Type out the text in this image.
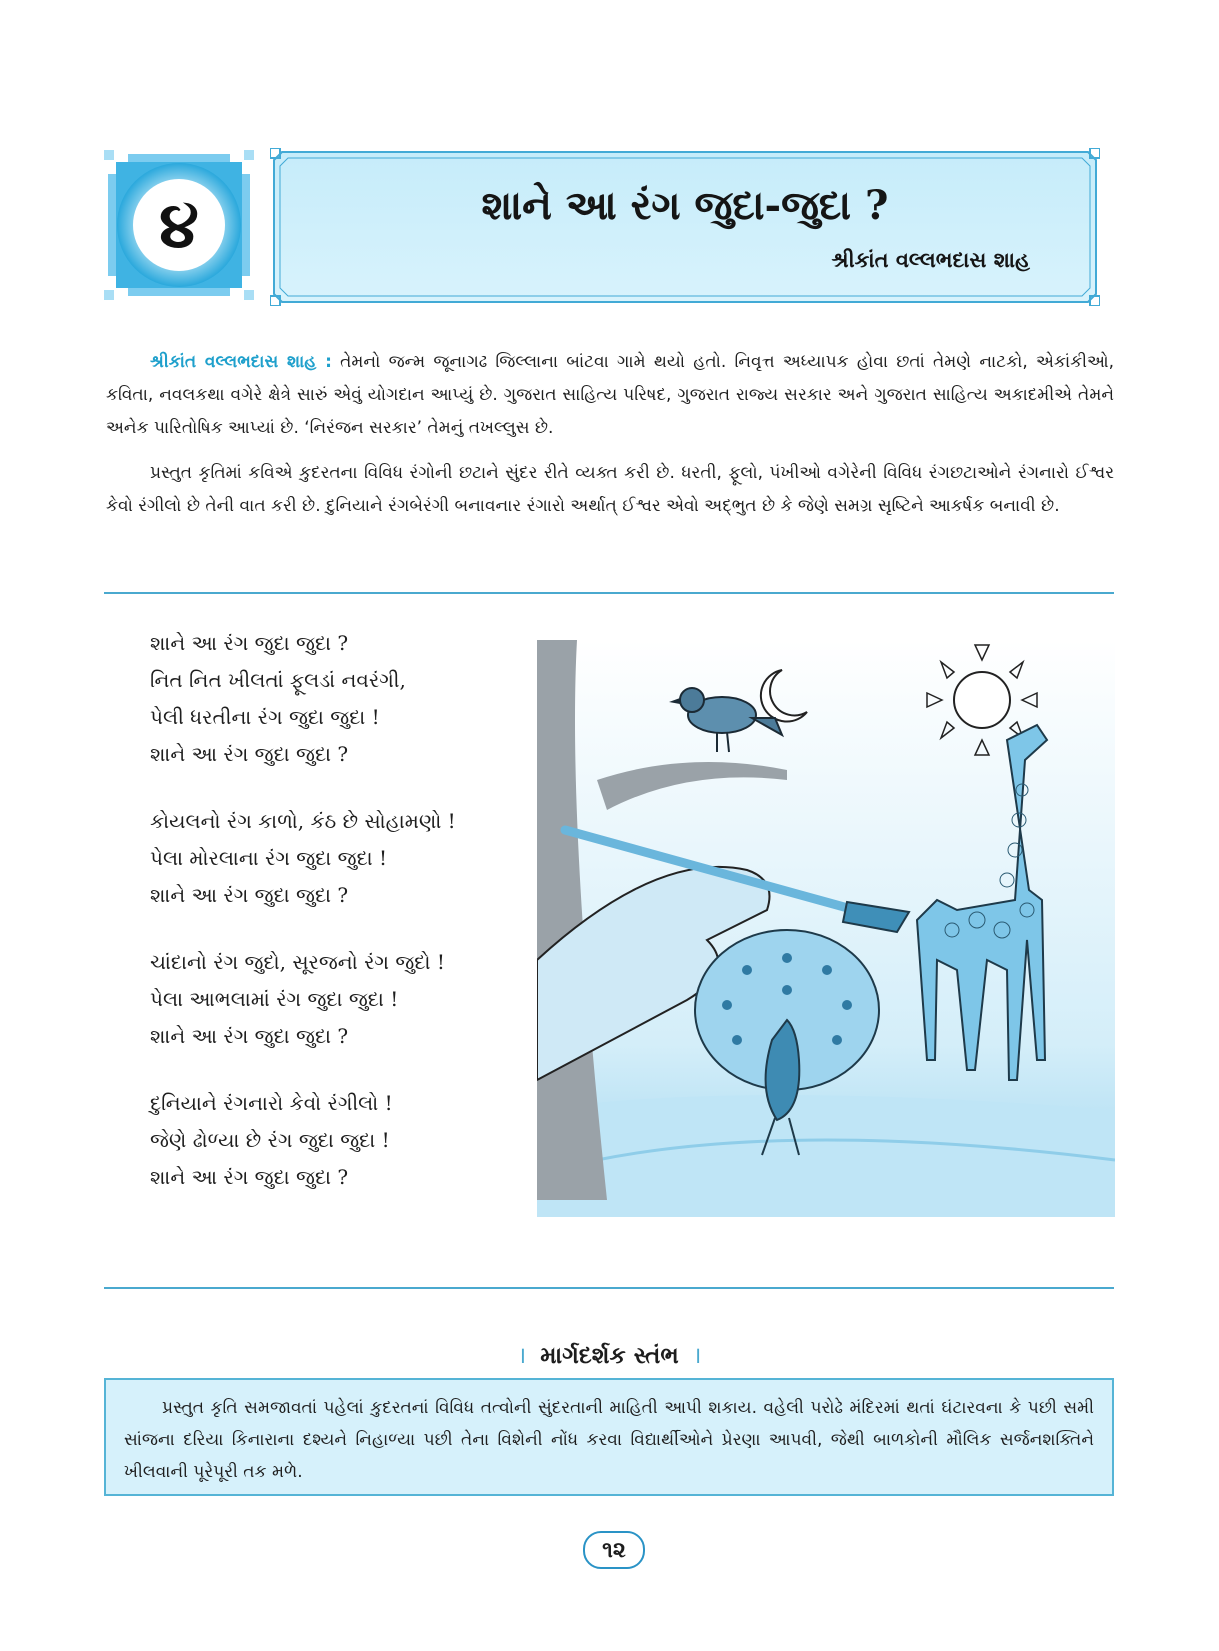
૪	શાને આ રંગ જુદા-જુદા ?
શ્રીકાંત વલ્લભદાસ શાહ

શ્રીકાંત વલ્લભદાસ શાહ : તેમનો જન્મ જૂનાગઢ જિલ્લાના બાંટવા ગામે થયો હતો. નિવૃત્ત અધ્યાપક હોવા છતાં તેમણે નાટકો, એકાંકીઓ, કવિતા, નવલકથા વગેરે ક્ષેત્રે સારું એવું યોગદાન આપ્યું છે. ગુજરાત સાહિત્ય પરિષદ, ગુજરાત રાજ્ય સરકાર અને ગુજરાત સાહિત્ય અકાદમીએ તેમને અનેક પારિતોષિક આપ્યાં છે. ‘નિરંજન સરકાર’ તેમનું તખલ્લુસ છે.

પ્રસ્તુત કૃતિમાં કવિએ કુદરતના વિવિધ રંગોની છટાને સુંદર રીતે વ્યક્ત કરી છે. ધરતી, ફૂલો, પંખીઓ વગેરેની વિવિધ રંગછટાઓને રંગનારો ઈશ્વર કેવો રંગીલો છે તેની વાત કરી છે. દુનિયાને રંગબેરંગી બનાવનાર રંગારો અર્થાત્ ઈશ્વર એવો અદ્ભુત છે કે જેણે સમગ્ર સૃષ્ટિને આકર્ષક બનાવી છે.

શાને આ રંગ જુદા જુદા ?
નિત નિત ખીલતાં ફૂલડાં નવરંગી,
પેલી ધરતીના રંગ જુદા જુદા !
શાને આ રંગ જુદા જુદા ?
કોયલનો રંગ કાળો, કંઠ છે સોહામણો !
પેલા મોરલાના રંગ જુદા જુદા !
શાને આ રંગ જુદા જુદા ?
ચાંદાનો રંગ જુદો, સૂરજનો રંગ જુદો !
પેલા આભલામાં રંગ જુદા જુદા !
શાને આ રંગ જુદા જુદા ?
દુનિયાને રંગનારો કેવો રંગીલો !
જેણે ઢોળ્યા છે રંગ જુદા જુદા !
શાને આ રંગ જુદા જુદા ?
। માર્ગદર્શક સ્તંભ ।

પ્રસ્તુત કૃતિ સમજાવતાં પહેલાં કુદરતનાં વિવિધ તત્વોની સુંદરતાની માહિતી આપી શકાય. વહેલી પરોઢે મંદિરમાં થતાં ઘંટારવના કે પછી સમી સાંજના દરિયા કિનારાના દશ્યને નિહાળ્યા પછી તેના વિશેની નોંધ કરવા વિદ્યાર્થીઓને પ્રેરણા આપવી, જેથી બાળકોની મૌલિક સર્જનશક્તિને ખીલવાની પૂરેપૂરી તક મળે.

૧૨
